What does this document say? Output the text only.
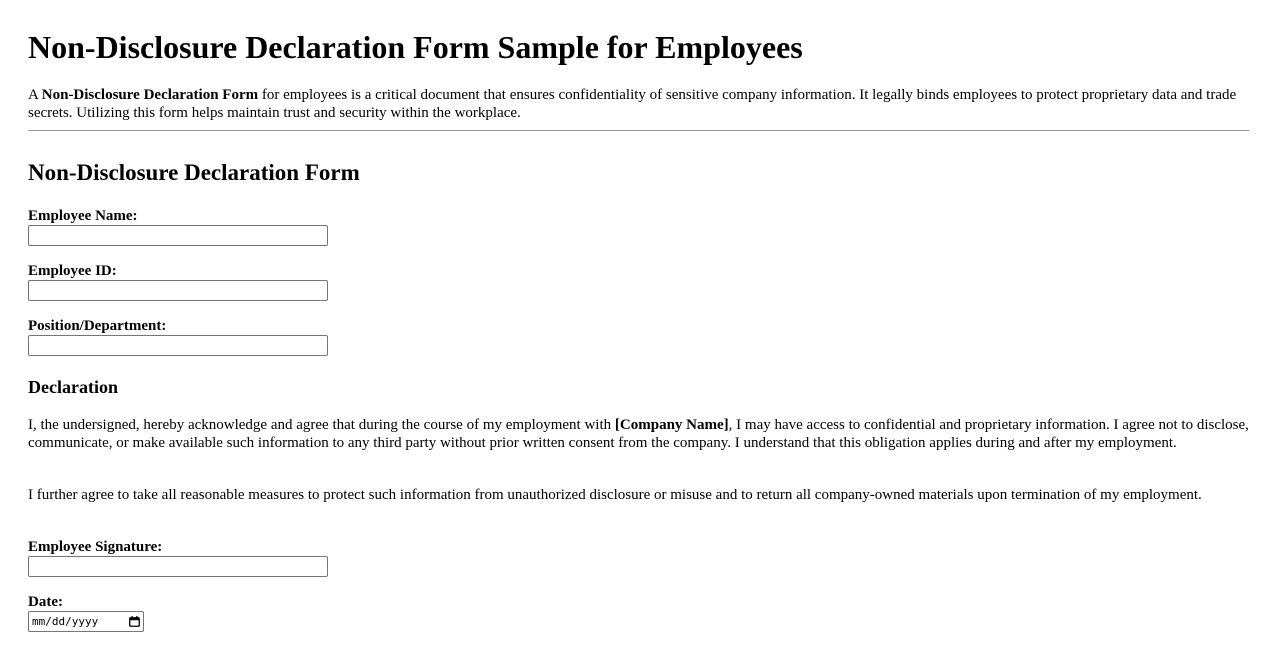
Non-Disclosure Declaration Form Sample for Employees

A Non-Disclosure Declaration Form for employees is a critical document that ensures confidentiality of sensitive company information. It legally binds employees to protect proprietary data and trade secrets. Utilizing this form helps maintain trust and security within the workplace.

Non-Disclosure Declaration Form
Employee Name:
Employee ID:
Position/Department:
Declaration

I, the undersigned, hereby acknowledge and agree that during the course of my employment with [Company Name], I may have access to confidential and proprietary information. I agree not to disclose, communicate, or make available such information to any third party without prior written consent from the company. I understand that this obligation applies during and after my employment.

I further agree to take all reasonable measures to protect such information from unauthorized disclosure or misuse and to return all company-owned materials upon termination of my employment.

Employee Signature:
Date:
mm/dd/yyyy
